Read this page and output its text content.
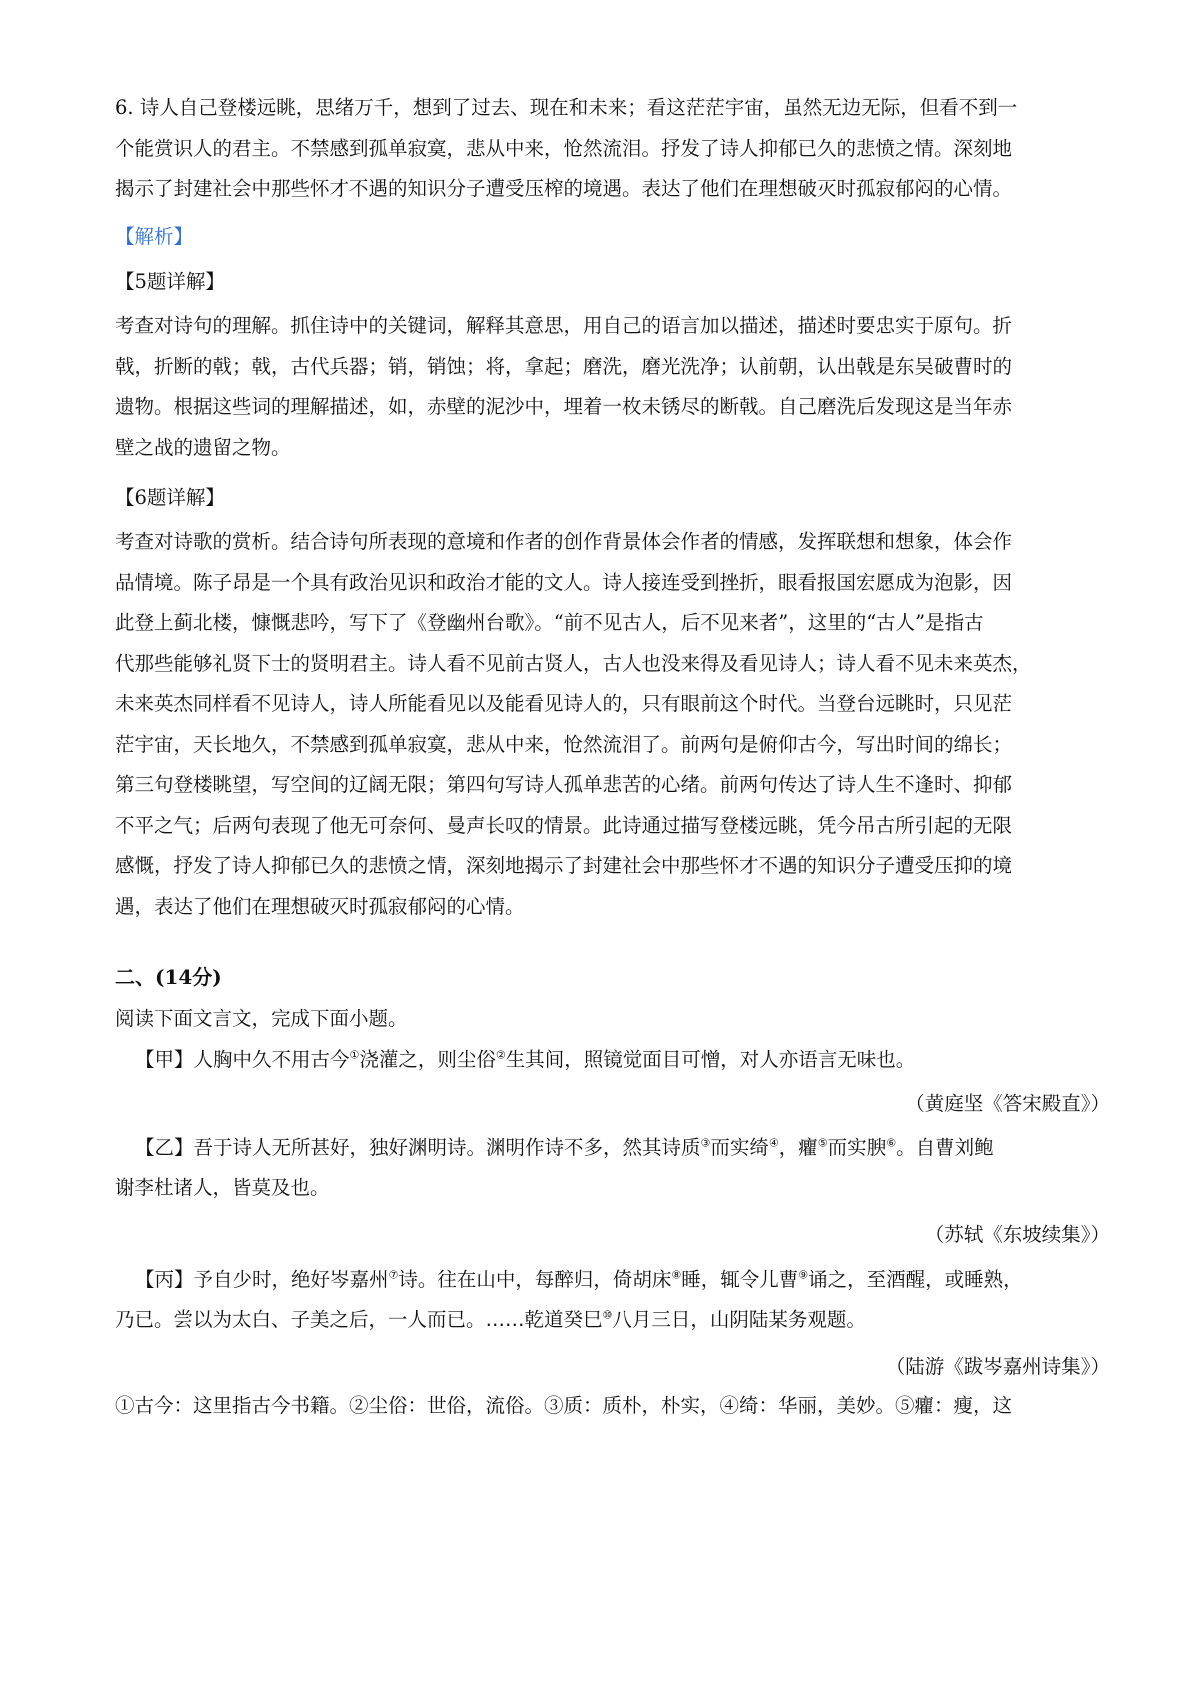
6. 诗人自己登楼远眺，思绪万千，想到了过去、现在和未来；看这茫茫宇宙，虽然无边无际，但看不到一
个能赏识人的君主。不禁感到孤单寂寞，悲从中来，怆然流泪。抒发了诗人抑郁已久的悲愤之情。深刻地
揭示了封建社会中那些怀才不遇的知识分子遭受压榨的境遇。表达了他们在理想破灭时孤寂郁闷的心情。
【解析】
【5题详解】
考查对诗句的理解。抓住诗中的关键词，解释其意思，用自己的语言加以描述，描述时要忠实于原句。折
戟，折断的戟；戟，古代兵器；销，销蚀；将，拿起；磨洗，磨光洗净；认前朝，认出戟是东吴破曹时的
遗物。根据这些词的理解描述，如，赤壁的泥沙中，埋着一枚未锈尽的断戟。自己磨洗后发现这是当年赤
壁之战的遗留之物。
【6题详解】
考查对诗歌的赏析。结合诗句所表现的意境和作者的创作背景体会作者的情感，发挥联想和想象，体会作
品情境。陈子昂是一个具有政治见识和政治才能的文人。诗人接连受到挫折，眼看报国宏愿成为泡影，因
此登上蓟北楼，慷慨悲吟，写下了《登幽州台歌》。“前不见古人，后不见来者”，这里的“古人”是指古
代那些能够礼贤下士的贤明君主。诗人看不见前古贤人，古人也没来得及看见诗人；诗人看不见未来英杰，
未来英杰同样看不见诗人，诗人所能看见以及能看见诗人的，只有眼前这个时代。当登台远眺时，只见茫
茫宇宙，天长地久，不禁感到孤单寂寞，悲从中来，怆然流泪了。前两句是俯仰古今，写出时间的绵长；
第三句登楼眺望，写空间的辽阔无限；第四句写诗人孤单悲苦的心绪。前两句传达了诗人生不逢时、抑郁
不平之气；后两句表现了他无可奈何、曼声长叹的情景。此诗通过描写登楼远眺，凭今吊古所引起的无限
感慨，抒发了诗人抑郁已久的悲愤之情，深刻地揭示了封建社会中那些怀才不遇的知识分子遭受压抑的境
遇，表达了他们在理想破灭时孤寂郁闷的心情。
二、(14分)
阅读下面文言文，完成下面小题。
【甲】人胸中久不用古今①浇灌之，则尘俗②生其间，照镜觉面目可憎，对人亦语言无味也。
（黄庭坚《答宋殿直》）
【乙】吾于诗人无所甚好，独好渊明诗。渊明作诗不多，然其诗质③而实绮④，癯⑤而实腴⑥。自曹刘鲍
谢李杜诸人，皆莫及也。
（苏轼《东坡续集》）
【丙】予自少时，绝好岑嘉州⑦诗。往在山中，每醉归，倚胡床⑧睡，辄令儿曹⑨诵之，至酒醒，或睡熟，
乃已。尝以为太白、子美之后，一人而已。……乾道癸巳⑩八月三日，山阴陆某务观题。
（陆游《跋岑嘉州诗集》）
①古今：这里指古今书籍。②尘俗：世俗，流俗。③质：质朴，朴实，④绮：华丽，美妙。⑤癯：瘦，这
